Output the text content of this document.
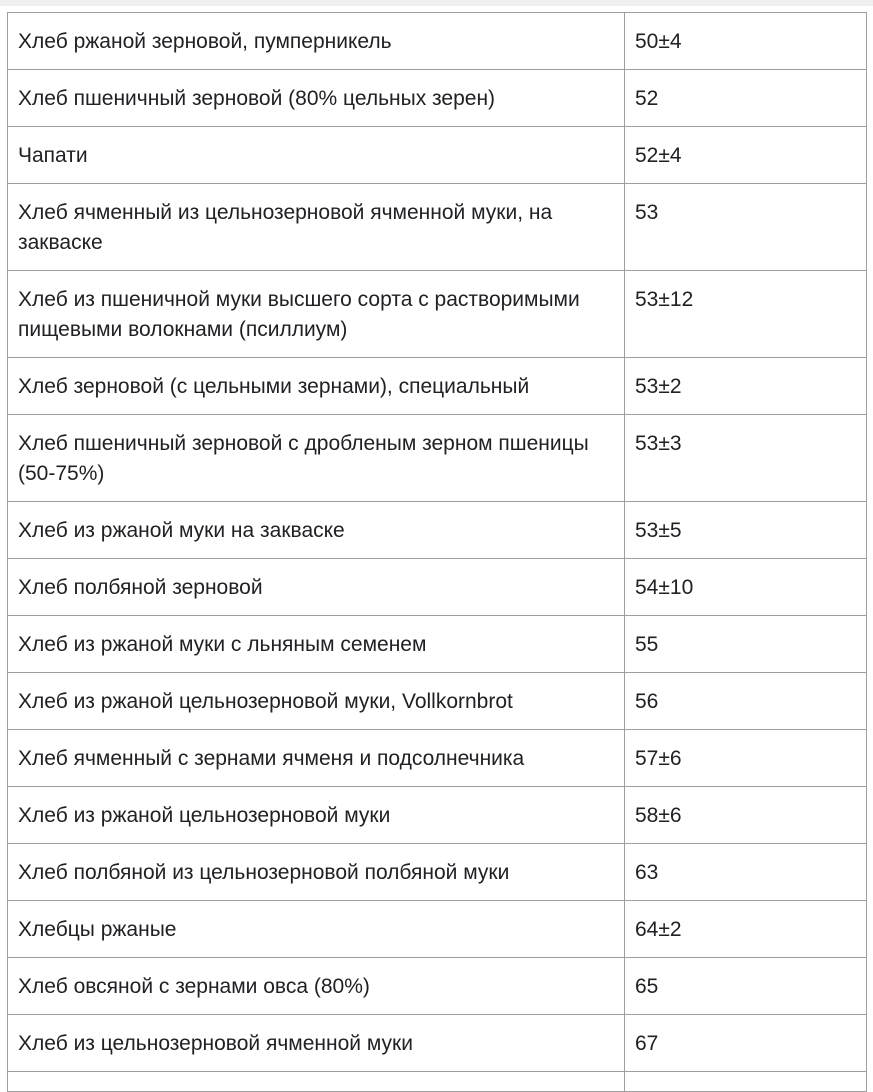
Хлеб ржаной зерновой, пумперникель	50±4
Хлеб пшеничный зерновой (80% цельных зерен)	52
Чапати	52±4
Хлеб ячменный из цельнозерновой ячменной муки, на закваске	53
Хлеб из пшеничной муки высшего сорта с растворимыми пищевыми волокнами (псиллиум)	53±12
Хлеб зерновой (с цельными зернами), специальный	53±2
Хлеб пшеничный зерновой с дробленым зерном пшеницы (50-75%)	53±3
Хлеб из ржаной муки на закваске	53±5
Хлеб полбяной зерновой	54±10
Хлеб из ржаной муки с льняным семенем	55
Хлеб из ржаной цельнозерновой муки, Vollkornbrot	56
Хлеб ячменный с зернами ячменя и подсолнечника	57±6
Хлеб из ржаной цельнозерновой муки	58±6
Хлеб полбяной из цельнозерновой полбяной муки	63
Хлебцы ржаные	64±2
Хлеб овсяной с зернами овса (80%)	65
Хлеб из цельнозерновой ячменной муки	67
